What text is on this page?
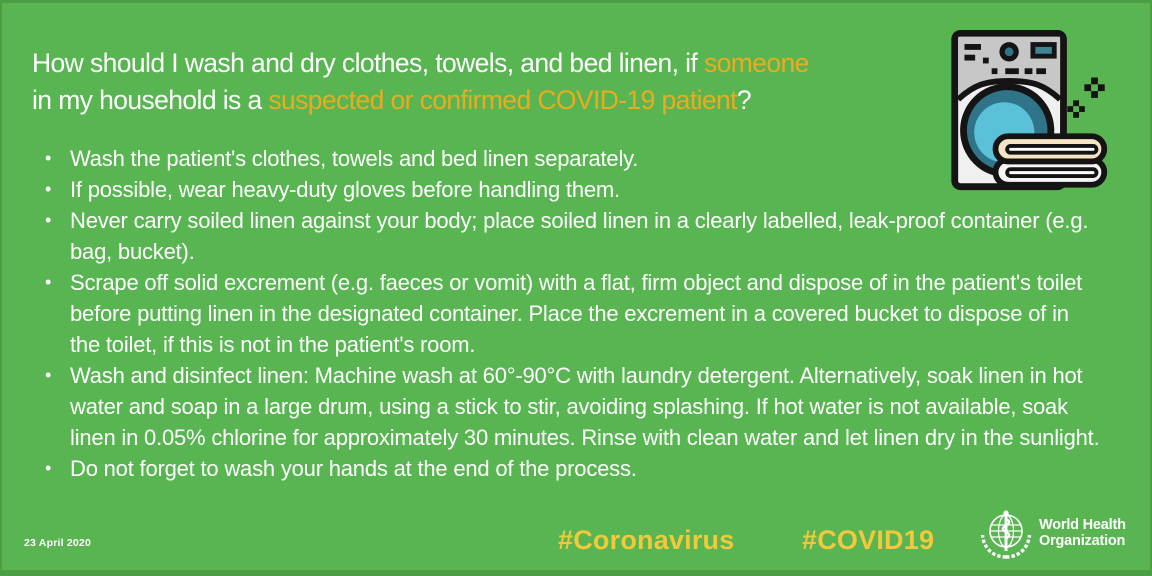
How should I wash and dry clothes, towels, and bed linen, if someone
in my household is a suspected or confirmed COVID-19 patient?
• Wash the patient's clothes, towels and bed linen separately.
• If possible, wear heavy-duty gloves before handling them.
• Never carry soiled linen against your body; place soiled linen in a clearly labelled, leak-proof container (e.g. bag, bucket).
• Scrape off solid excrement (e.g. faeces or vomit) with a flat, firm object and dispose of in the patient's toilet before putting linen in the designated container. Place the excrement in a covered bucket to dispose of in the toilet, if this is not in the patient's room.
• Wash and disinfect linen: Machine wash at 60°-90°C with laundry detergent. Alternatively, soak linen in hot water and soap in a large drum, using a stick to stir, avoiding splashing. If hot water is not available, soak linen in 0.05% chlorine for approximately 30 minutes. Rinse with clean water and let linen dry in the sunlight.
• Do not forget to wash your hands at the end of the process.
23 April 2020	#Coronavirus	#COVID19	World Health
Organization
